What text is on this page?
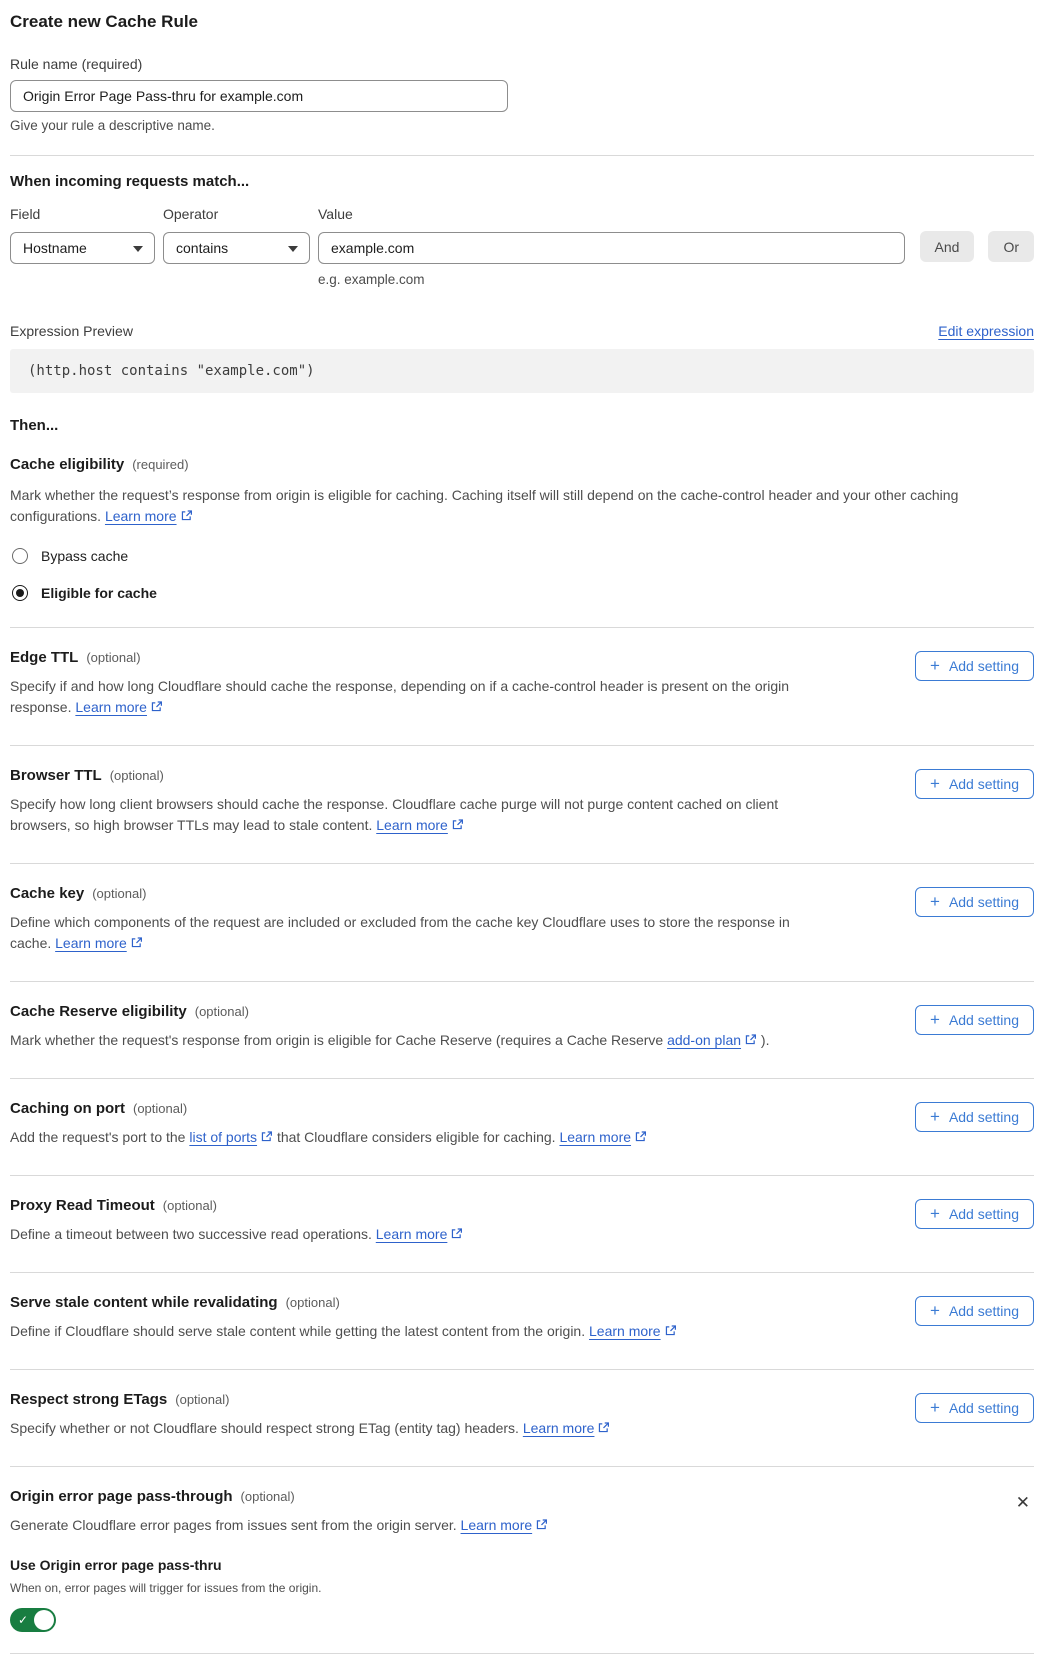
Create new Cache Rule
Rule name (required)
Origin Error Page Pass-thru for example.com
Give your rule a descriptive name.
When incoming requests match...
Field
Hostname
Operator
contains
Value
example.com
And	Or
e.g. example.com
Expression Preview	Edit expression
(http.host contains "example.com")
Then...
Cache eligibility (required)

Mark whether the request’s response from origin is eligible for caching. Caching itself will still depend on the cache-control header and your other caching configurations. Learn more

Bypass cache
Eligible for cache
Edge TTL (optional)

Specify if and how long Cloudflare should cache the response, depending on if a cache-control header is present on the origin response. Learn more

+ Add setting
Browser TTL (optional)

Specify how long client browsers should cache the response. Cloudflare cache purge will not purge content cached on client browsers, so high browser TTLs may lead to stale content. Learn more

+ Add setting
Cache key (optional)

Define which components of the request are included or excluded from the cache key Cloudflare uses to store the response in cache. Learn more

+ Add setting
Cache Reserve eligibility (optional)

Mark whether the request's response from origin is eligible for Cache Reserve (requires a Cache Reserve add-on plan ).

+ Add setting
Caching on port (optional)

Add the request's port to the list of ports that Cloudflare considers eligible for caching. Learn more

+ Add setting
Proxy Read Timeout (optional)

Define a timeout between two successive read operations. Learn more

+ Add setting
Serve stale content while revalidating (optional)

Define if Cloudflare should serve stale content while getting the latest content from the origin. Learn more

+ Add setting
Respect strong ETags (optional)

Specify whether or not Cloudflare should respect strong ETag (entity tag) headers. Learn more

+ Add setting
Origin error page pass-through (optional)

Generate Cloudflare error pages from issues sent from the origin server. Learn more

Use Origin error page pass-thru
When on, error pages will trigger for issues from the origin.
✓
✕
